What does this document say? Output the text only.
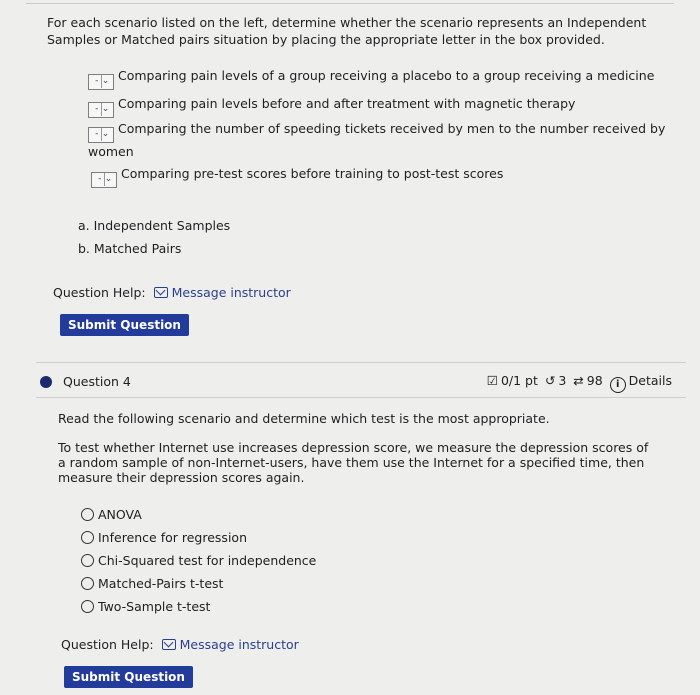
For each scenario listed on the left, determine whether the scenario represents an Independent Samples or Matched pairs situation by placing the appropriate letter in the box provided.
- ⌄ Comparing pain levels of a group receiving a placebo to a group receiving a medicine
- ⌄ Comparing pain levels before and after treatment with magnetic therapy
- ⌄ Comparing the number of speeding tickets received by men to the number received by
women
- ⌄ Comparing pre-test scores before training to post-test scores
a. Independent Samples
b. Matched Pairs
Question Help: Message instructor
Submit Question
Question 4	☑ 0/1 pt ↺ 3 ⇄ 98 i Details
Read the following scenario and determine which test is the most appropriate.
To test whether Internet use increases depression score, we measure the depression scores of a random sample of non-Internet-users, have them use the Internet for a specified time, then measure their depression scores again.
ANOVA
Inference for regression
Chi-Squared test for independence
Matched-Pairs t-test
Two-Sample t-test
Question Help: Message instructor
Submit Question
